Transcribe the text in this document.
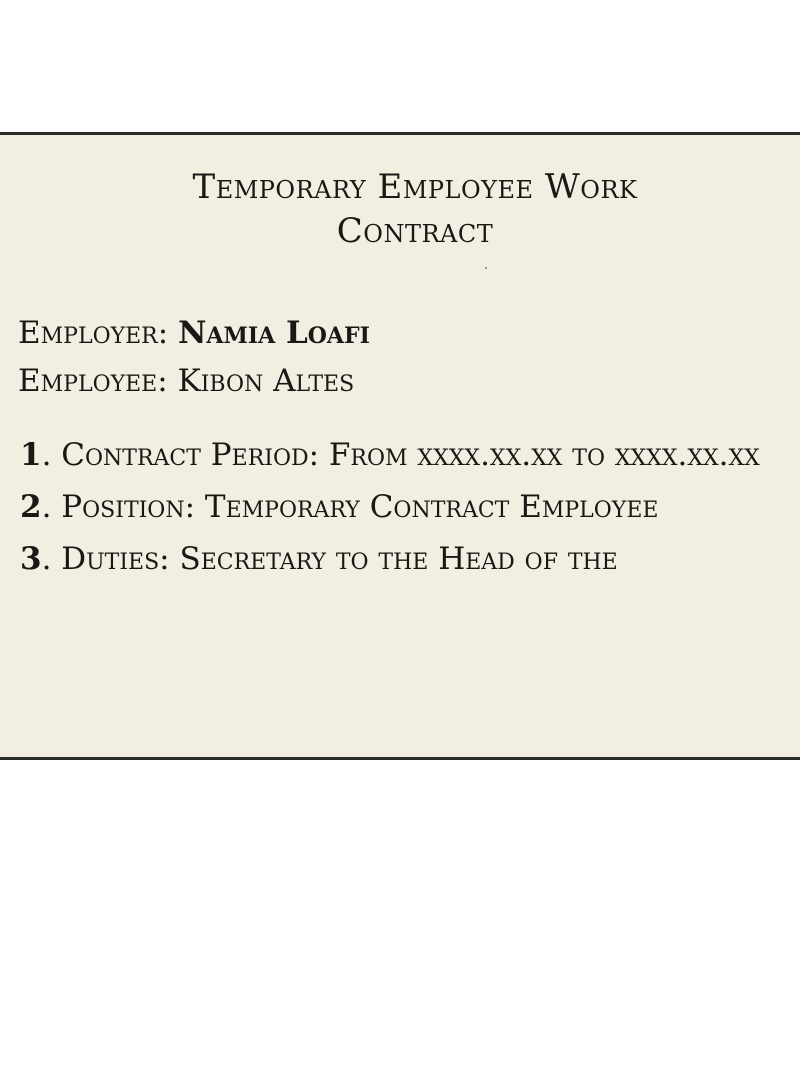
Temporary Employee Work
Contract
Employer: Namia Loafi
Employee: Kibon Altes

1. Contract Period: From xxxx.xx.xx to xxxx.xx.xx

2. Position: Temporary Contract Employee

3. Duties: Secretary to the Head of the
